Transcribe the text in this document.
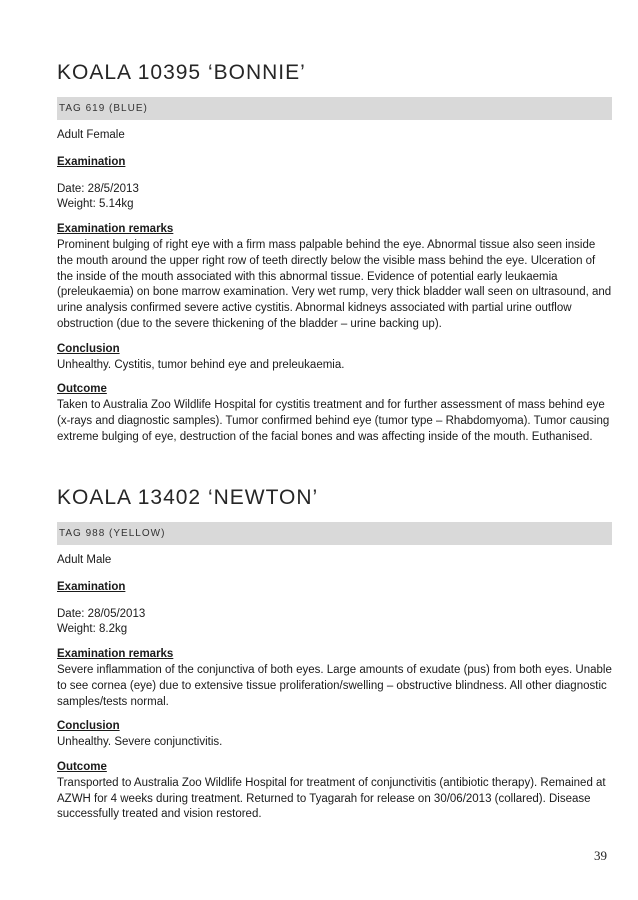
KOALA 10395 ‘BONNIE’
TAG 619 (BLUE)

Adult Female

Examination

Date: 28/5/2013

Weight: 5.14kg

Examination remarks

Prominent bulging of right eye with a firm mass palpable behind the eye. Abnormal tissue also seen inside the mouth around the upper right row of teeth directly below the visible mass behind the eye. Ulceration of the inside of the mouth associated with this abnormal tissue. Evidence of potential early leukaemia (preleukaemia) on bone marrow examination. Very wet rump, very thick bladder wall seen on ultrasound, and urine analysis confirmed severe active cystitis. Abnormal kidneys associated with partial urine outflow obstruction (due to the severe thickening of the bladder – urine backing up).

Conclusion

Unhealthy. Cystitis, tumor behind eye and preleukaemia.

Outcome

Taken to Australia Zoo Wildlife Hospital for cystitis treatment and for further assessment of mass behind eye (x-rays and diagnostic samples). Tumor confirmed behind eye (tumor type – Rhabdomyoma). Tumor causing extreme bulging of eye, destruction of the facial bones and was affecting inside of the mouth. Euthanised.

KOALA 13402 ‘NEWTON’
TAG 988 (YELLOW)

Adult Male

Examination

Date: 28/05/2013

Weight: 8.2kg

Examination remarks

Severe inflammation of the conjunctiva of both eyes. Large amounts of exudate (pus) from both eyes. Unable to see cornea (eye) due to extensive tissue proliferation/swelling – obstructive blindness. All other diagnostic samples/tests normal.

Conclusion

Unhealthy. Severe conjunctivitis.

Outcome

Transported to Australia Zoo Wildlife Hospital for treatment of conjunctivitis (antibiotic therapy). Remained at AZWH for 4 weeks during treatment. Returned to Tyagarah for release on 30/06/2013 (collared). Disease successfully treated and vision restored.

39
